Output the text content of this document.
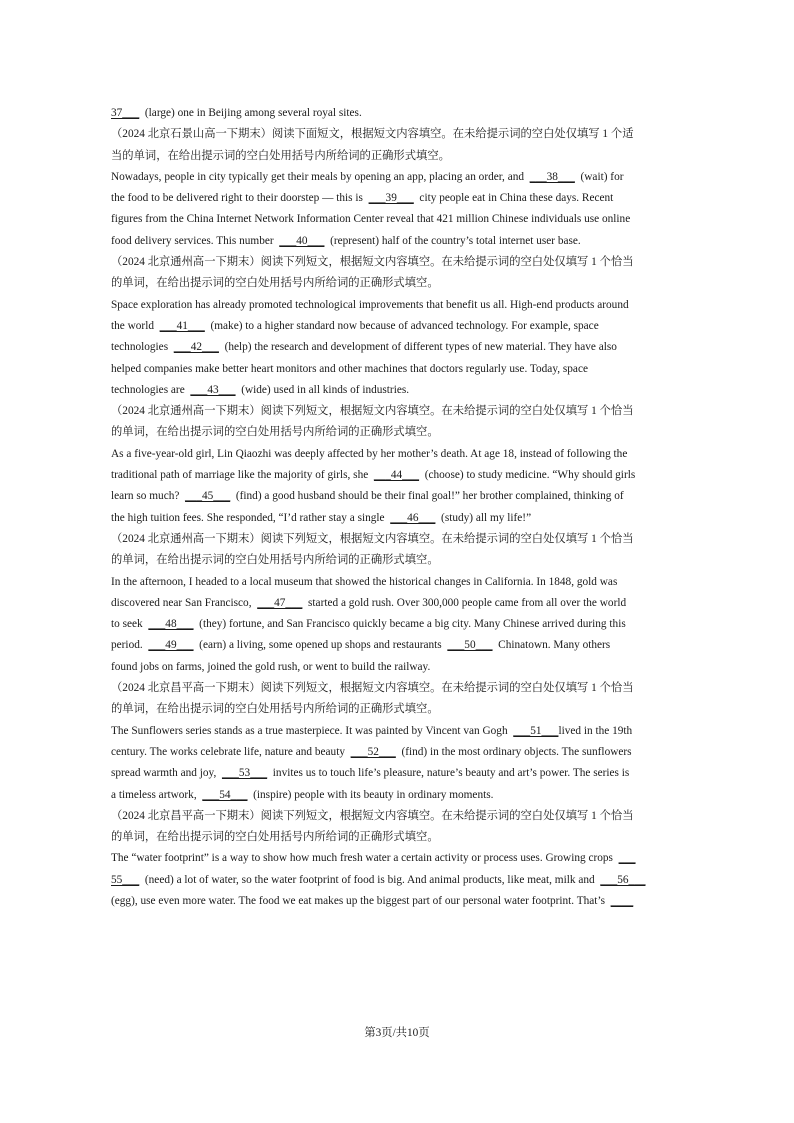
37___  (large) one in Beijing among several royal sites.
（2024 北京石景山高一下期末）阅读下面短文，根据短文内容填空。在未给提示词的空白处仅填写 1 个适
当的单词，在给出提示词的空白处用括号内所给词的正确形式填空。
Nowadays, people in city typically get their meals by opening an app, placing an order, and  ___38___  (wait) for
the food to be delivered right to their doorstep — this is  ___39___  city people eat in China these days. Recent
figures from the China Internet Network Information Center reveal that 421 million Chinese individuals use online
food delivery services. This number  ___40___  (represent) half of the country’s total internet user base.
（2024 北京通州高一下期末）阅读下列短文，根据短文内容填空。在未给提示词的空白处仅填写 1 个恰当
的单词，在给出提示词的空白处用括号内所给词的正确形式填空。
Space exploration has already promoted technological improvements that benefit us all. High-end products around
the world  ___41___  (make) to a higher standard now because of advanced technology. For example, space
technologies  ___42___  (help) the research and development of different types of new material. They have also
helped companies make better heart monitors and other machines that doctors regularly use. Today, space
technologies are  ___43___  (wide) used in all kinds of industries.
（2024 北京通州高一下期末）阅读下列短文，根据短文内容填空。在未给提示词的空白处仅填写 1 个恰当
的单词，在给出提示词的空白处用括号内所给词的正确形式填空。
As a five-year-old girl, Lin Qiaozhi was deeply affected by her mother’s death. At age 18, instead of following the
traditional path of marriage like the majority of girls, she  ___44___  (choose) to study medicine. “Why should girls
learn so much?  ___45___  (find) a good husband should be their final goal!” her brother complained, thinking of
the high tuition fees. She responded, “I’d rather stay a single  ___46___  (study) all my life!”
（2024 北京通州高一下期末）阅读下列短文，根据短文内容填空。在未给提示词的空白处仅填写 1 个恰当
的单词，在给出提示词的空白处用括号内所给词的正确形式填空。
In the afternoon, I headed to a local museum that showed the historical changes in California. In 1848, gold was
discovered near San Francisco,  ___47___  started a gold rush. Over 300,000 people came from all over the world
to seek  ___48___  (they) fortune, and San Francisco quickly became a big city. Many Chinese arrived during this
period.  ___49___  (earn) a living, some opened up shops and restaurants  ___50___  Chinatown. Many others
found jobs on farms, joined the gold rush, or went to build the railway.
（2024 北京昌平高一下期末）阅读下列短文，根据短文内容填空。在未给提示词的空白处仅填写 1 个恰当
的单词，在给出提示词的空白处用括号内所给词的正确形式填空。
The Sunflowers series stands as a true masterpiece. It was painted by Vincent van Gogh  ___51___lived in the 19th
century. The works celebrate life, nature and beauty  ___52___  (find) in the most ordinary objects. The sunflowers
spread warmth and joy,  ___53___  invites us to touch life’s pleasure, nature’s beauty and art’s power. The series is
a timeless artwork,  ___54___  (inspire) people with its beauty in ordinary moments.
（2024 北京昌平高一下期末）阅读下列短文，根据短文内容填空。在未给提示词的空白处仅填写 1 个恰当
的单词，在给出提示词的空白处用括号内所给词的正确形式填空。
The “water footprint” is a way to show how much fresh water a certain activity or process uses. Growing crops  ___
55___  (need) a lot of water, so the water footprint of food is big. And animal products, like meat, milk and  ___56___
(egg), use even more water. The food we eat makes up the biggest part of our personal water footprint. That’s  ____
第3页/共10页
